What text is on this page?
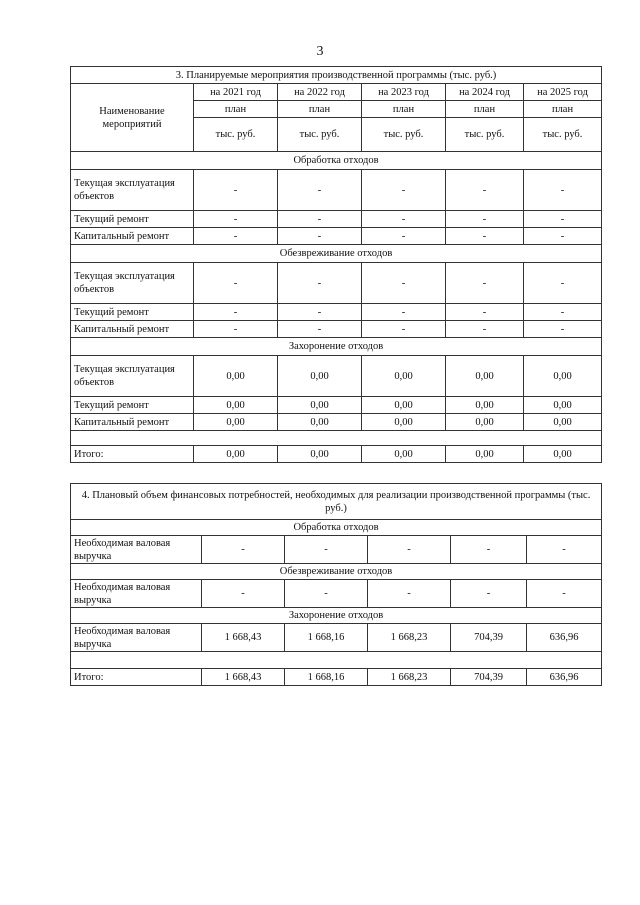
3
3. Планируемые мероприятия производственной программы (тыс. руб.)					
Наименование мероприятий	на 2021 год	на 2022 год	на 2023 год	на 2024 год	на 2025 год
	план	план	план	план	план
	тыс. руб.	тыс. руб.	тыс. руб.	тыс. руб.	тыс. руб.
Обработка отходов					
Текущая эксплуатация объектов	-	-	-	-	-
Текущий ремонт	-	-	-	-	-
Капитальный ремонт	-	-	-	-	-
Обезвреживание отходов					
Текущая эксплуатация объектов	-	-	-	-	-
Текущий ремонт	-	-	-	-	-
Капитальный ремонт	-	-	-	-	-
Захоронение отходов					
Текущая эксплуатация объектов	0,00	0,00	0,00	0,00	0,00
Текущий ремонт	0,00	0,00	0,00	0,00	0,00
Капитальный ремонт	0,00	0,00	0,00	0,00	0,00

Итого:	0,00	0,00	0,00	0,00	0,00
4. Плановый объем финансовых потребностей, необходимых для реализации производственной программы (тыс. руб.)					
Обработка отходов					
Необходимая валовая выручка	-	-	-	-	-
Обезвреживание отходов					
Необходимая валовая выручка	-	-	-	-	-
Захоронение отходов					
Необходимая валовая выручка	1 668,43	1 668,16	1 668,23	704,39	636,96

Итого:	1 668,43	1 668,16	1 668,23	704,39	636,96
